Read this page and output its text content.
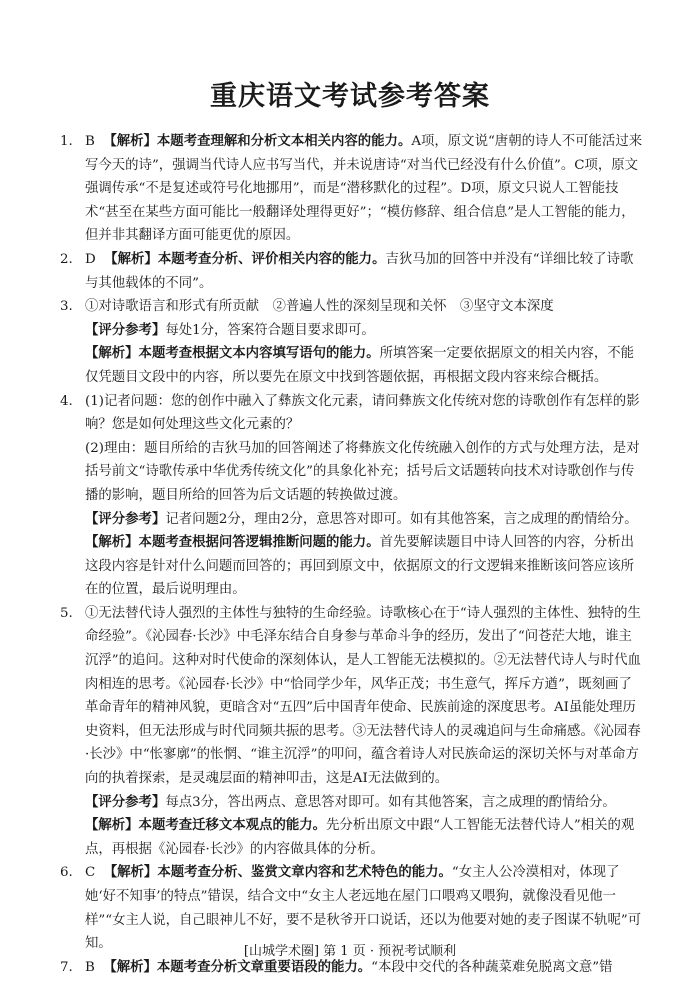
重庆语文考试参考答案
1. B 【解析】本题考查理解和分析文本相关内容的能力。A项，原文说“唐朝的诗人不可能活过来写今天的诗”，强调当代诗人应书写当代，并未说唐诗“对当代已经没有什么价值”。C项，原文强调传承“不是复述或符号化地挪用”，而是“潜移默化的过程”。D项，原文只说人工智能技术“甚至在某些方面可能比一般翻译处理得更好”；“模仿修辞、组合信息”是人工智能的能力，但并非其翻译方面可能更优的原因。
2. D 【解析】本题考查分析、评价相关内容的能力。吉狄马加的回答中并没有“详细比较了诗歌与其他载体的不同”。
3. ①对诗歌语言和形式有所贡献　②普遍人性的深刻呈现和关怀　③坚守文本深度
【评分参考】每处1分，答案符合题目要求即可。
【解析】本题考查根据文本内容填写语句的能力。所填答案一定要依据原文的相关内容，不能仅凭题目文段中的内容，所以要先在原文中找到答题依据，再根据文段内容来综合概括。
4. (1)记者问题：您的创作中融入了彝族文化元素，请问彝族文化传统对您的诗歌创作有怎样的影响？您是如何处理这些文化元素的？
(2)理由：题目所给的吉狄马加的回答阐述了将彝族文化传统融入创作的方式与处理方法，是对括号前文“诗歌传承中华优秀传统文化”的具象化补充；括号后文话题转向技术对诗歌创作与传播的影响，题目所给的回答为后文话题的转换做过渡。
【评分参考】记者问题2分，理由2分，意思答对即可。如有其他答案，言之成理的酌情给分。
【解析】本题考查根据问答逻辑推断问题的能力。首先要解读题目中诗人回答的内容，分析出这段内容是针对什么问题而回答的；再回到原文中，依据原文的行文逻辑来推断该问答应该所在的位置，最后说明理由。
5. ①无法替代诗人强烈的主体性与独特的生命经验。诗歌核心在于“诗人强烈的主体性、独特的生命经验”。《沁园春·长沙》中毛泽东结合自身参与革命斗争的经历，发出了“问苍茫大地，谁主沉浮”的追问。这种对时代使命的深刻体认，是人工智能无法模拟的。②无法替代诗人与时代血肉相连的思考。《沁园春·长沙》中“恰同学少年，风华正茂；书生意气，挥斥方遒”，既刻画了革命青年的精神风貌，更暗含对“五四”后中国青年使命、民族前途的深度思考。AI虽能处理历史资料，但无法形成与时代同频共振的思考。③无法替代诗人的灵魂追问与生命痛感。《沁园春·长沙》中“怅寥廓”的怅惘、“谁主沉浮”的叩问，蕴含着诗人对民族命运的深切关怀与对革命方向的执着探索，是灵魂层面的精神叩击，这是AI无法做到的。
【评分参考】每点3分，答出两点、意思答对即可。如有其他答案，言之成理的酌情给分。
【解析】本题考查迁移文本观点的能力。先分析出原文中跟“人工智能无法替代诗人”相关的观点，再根据《沁园春·长沙》的内容做具体的分析。
6. C 【解析】本题考查分析、鉴赏文章内容和艺术特色的能力。“女主人公冷漠相对，体现了她‘好不知事’的特点”错误，结合文中“女主人老远地在屋门口喂鸡又喂狗，就像没看见他一样”“女主人说，自己眼神儿不好，要不是秋爷开口说话，还以为他要对她的麦子图谋不轨呢”可知。
7. B 【解析】本题考查分析文章重要语段的能力。“本段中交代的各种蔬菜难免脱离文意”错
[山城学术圈] 第 1 页 · 预祝考试顺利
